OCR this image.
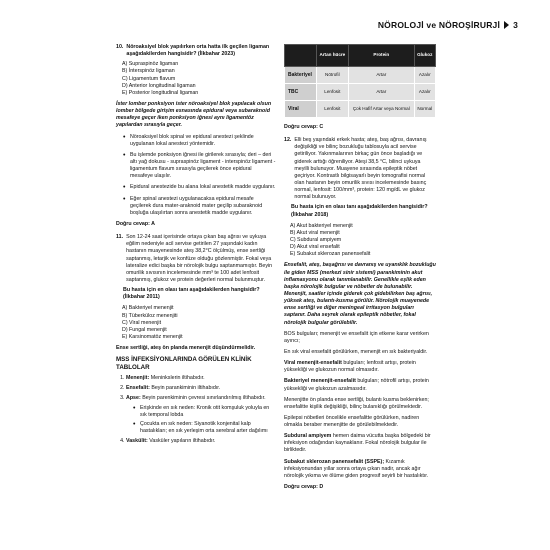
NÖROLOJİ ve NÖROŞİRURJİ 3
10. Nöroaksiyel blok yapılırken orta hatta ilk geçilen ligaman aşağıdakilerden hangisidir? (İlkbahar 2023)
A) Supraspinöz ligaman
B) İnterspinöz ligaman
C) Ligamentum flavum
D) Anterior longitudinal ligaman
E) Posterior longitudinal ligaman

İster lomber ponksiyon ister nöroaksiyel blok yapılacak olsun lomber bölgede girişim esnasında epidural veya subaraknoid mesafeye geçer iken ponksiyon iğnesi aynı ligamentöz yapılardan sırasıyla geçer.

• Nöroaksiyel blok spinal ve epidural anestezi şeklinde uygulanan lokal anestezi yöntemidir.
• Bu işlemde ponksiyon iğnesi ile girilerek sırasıyla; deri – deri altı yağ dokusu - supraspinöz ligament - interspinöz ligament - ligamentum flavum sırasıyla geçilerek önce epidural mesafeye ulaşılır.
• Epidural anestezide bu alana lokal anestetik madde uygulanır.
• Eğer spinal anestezi uygulanacaksa epidural mesafe geçilerek dura mater-araknoid mater geçilip subaraknoid boşluğa ulaşılırtan sonra anestetik madde uygulanır.
Doğru cevap: A
11. Son 12-24 saat içerisinde ortaya çıkan baş ağrısı ve uykuya eğilim nedeniyle acil servise getirilen 27 yaşındaki kadın hastanın muayenesinde ateş 38,2°C ölçülmüş, ense sertliği saptanmış, letarjik ve konfüze olduğu gözlenmiştir. Fokal veya lateralize edici başka bir nörolojik bulgu saptanmamıştır. Beyin omurilik sıvısının incelemesinde mm³ te 100 adet lenfosit saptanmış, glukoz ve protein değerleri normal bulunmuştur.

Bu hasta için en olası tanı aşağıdakilerden hangisidir? (İlkbahar 2011)

A) Bakteriyel menenjit
B) Tüberküloz menenjiti
C) Viral menenjit
D) Fungal menenjit
E) Karsinomatöz menenjit

Ense sertliği, ateş ön planda menenjit düşündürmelidir.

MSS İNFEKSİYONLARINDA GÖRÜLEN KLİNİK TABLOLAR
1. Menenjit: Meninkslerin iltihabıdır.
2. Ensefalit: Beyin parankiminin iltihabıdır.
3. Apse: Beyin parenkiminin çevresi sınırlandırılmış iltihabıdır.
• Erişkinde en sık neden: Kronik otit komşuluk yoluyla en sık temporal lobda
• Çocukta en sık neden: Siyanotik konjenital kalp hastalıkları; en sık yerleşim orta serebral arter dağılımı
4. Vaskülit: Vasküler yapıların iltihabıdır.
	Artan hücre	Protein	Glukoz
Bakteriyel	Nötrofil	Artar	Azalır
TBC	Lenfosit	Artar	Azalır
Viral	Lenfosit	Çok Hafif Artar veya Normal	Normal
Doğru cevap: C
12. Elli beş yaşındaki erkek hasta; ateş, baş ağrısı, davranış değişikliği ve bilinç bozukluğu tablosuyla acil servise getiriliyor. Yakınmalarının birkaç gün önce başladığı ve giderek arttığı öğreniliyor. Ateşi 38,5 °C, bilinci uykuya meyilli bulunuyor. Muayene sırasında epileptik nöbet geçiriyor. Kontrastlı bilgisayarlı beyin tomografisi normal olan hastanın beyin omurilik sıvısı incelemesinde basınç normal, lenfosit: 100/mm³, protein: 120 mg/dL ve glukoz normal bulunuyor.

Bu hasta için en olası tanı aşağıdakilerden hangisidir? (İlkbahar 2018)

A) Akut bakteriyel menenjit
B) Akut viral menenjit
C) Subdural ampiyem
D) Akut viral ensefalit
E) Subakut sklerozan panensefalit

Ensefalit, ateş, başağrısı ve davranış ve uyanıklık bozukluğu ile giden MSS (merkezi sinir sistemi) parankiminin akut inflamasyonu olarak tanımlanabilir. Genellikle eşlik eden başka nörolojik bulgular ve nöbetler de bulunabilir. Menenjit, saatler içinde giderek çok gidebilirken baş ağrısı, yüksek ateş, bulantı-kusma görülür. Nörolojik muayenede ense sertliği ve diğer meningeal irritasyon bulguları saptanır. Daha seyrek olarak epileptik nöbetler, fokal nörolojik bulgular görülebilir.

BOS bulguları; menenjit ve ensefalit için etkene karar verirken ayırıcı;

En sık viral ensefalit görülürken, menenjit en sık bakteriyaldir.

Viral menenjit-ensefalit bulguları; lenfosit artışı, protein yüksekliği ve glukozun normal olmasıdır.

Bakteriyel menenjit-ensefalit bulguları; nötrofil artışı, protein yüksekliği ve glukozun azalmasıdır.

Menenjitte ön planda ense sertliği, bulantı kusma beklenirken; ensefalitte kişilik değişikliği, bilinç bulanıklığı görülmektedir.

Epilepsi nöbetleri öncelikle ensefalitte görülürken, nadiren olmakla beraber menenjitte de görülebilmektedir.

Subdural ampiyem hemen daima vücutta başka bölgedeki bir infeksiyon odağından kaynaklanır. Fokal nörolojik bulgular ile birliktedir.

Subakut sklerozan panensefalit (SSPE); Kızamık infeksiyonundan yıllar sonra ortaya çıkan nadir, ancak ağır nörolojik yıkıma ve ölüme giden progresif seyirli bir hastalıktır.

Doğru cevap: D
